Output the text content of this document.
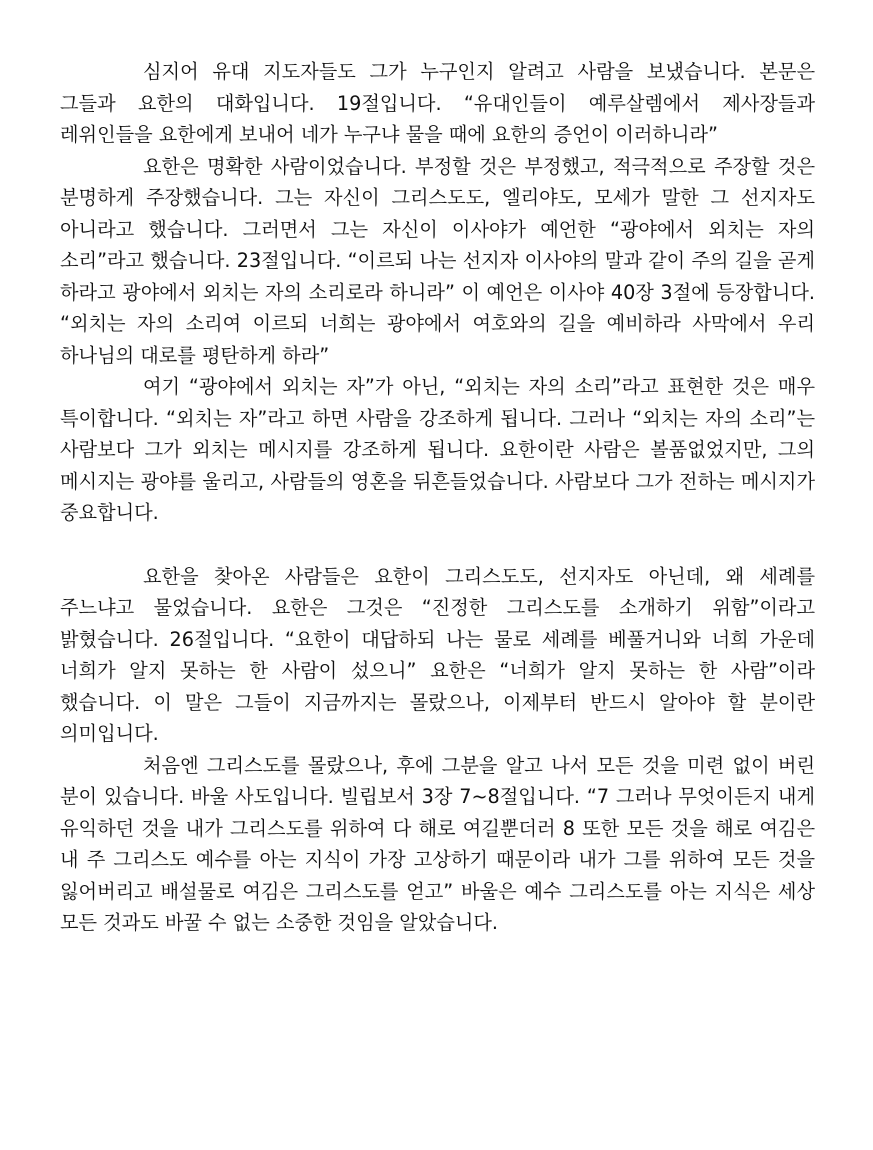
심지어 유대 지도자들도 그가 누구인지 알려고 사람을 보냈습니다. 본문은 그들과 요한의 대화입니다. 19절입니다. “유대인들이 예루살렘에서 제사장들과 레위인들을 요한에게 보내어 네가 누구냐 물을 때에 요한의 증언이 이러하니라”

요한은 명확한 사람이었습니다. 부정할 것은 부정했고, 적극적으로 주장할 것은 분명하게 주장했습니다. 그는 자신이 그리스도도, 엘리야도, 모세가 말한 그 선지자도 아니라고 했습니다. 그러면서 그는 자신이 이사야가 예언한 “광야에서 외치는 자의 소리”라고 했습니다. 23절입니다. “이르되 나는 선지자 이사야의 말과 같이 주의 길을 곧게 하라고 광야에서 외치는 자의 소리로라 하니라” 이 예언은 이사야 40장 3절에 등장합니다. “외치는 자의 소리여 이르되 너희는 광야에서 여호와의 길을 예비하라 사막에서 우리 하나님의 대로를 평탄하게 하라”

여기 “광야에서 외치는 자”가 아닌, “외치는 자의 소리”라고 표현한 것은 매우 특이합니다. “외치는 자”라고 하면 사람을 강조하게 됩니다. 그러나 “외치는 자의 소리”는 사람보다 그가 외치는 메시지를 강조하게 됩니다. 요한이란 사람은 볼품없었지만, 그의 메시지는 광야를 울리고, 사람들의 영혼을 뒤흔들었습니다. 사람보다 그가 전하는 메시지가 중요합니다.

요한을 찾아온 사람들은 요한이 그리스도도, 선지자도 아닌데, 왜 세례를 주느냐고 물었습니다. 요한은 그것은 “진정한 그리스도를 소개하기 위함”이라고 밝혔습니다. 26절입니다. “요한이 대답하되 나는 물로 세례를 베풀거니와 너희 가운데 너희가 알지 못하는 한 사람이 섰으니” 요한은 “너희가 알지 못하는 한 사람”이라 했습니다. 이 말은 그들이 지금까지는 몰랐으나, 이제부터 반드시 알아야 할 분이란 의미입니다.

처음엔 그리스도를 몰랐으나, 후에 그분을 알고 나서 모든 것을 미련 없이 버린 분이 있습니다. 바울 사도입니다. 빌립보서 3장 7~8절입니다. “7 그러나 무엇이든지 내게 유익하던 것을 내가 그리스도를 위하여 다 해로 여길뿐더러 8 또한 모든 것을 해로 여김은 내 주 그리스도 예수를 아는 지식이 가장 고상하기 때문이라 내가 그를 위하여 모든 것을 잃어버리고 배설물로 여김은 그리스도를 얻고” 바울은 예수 그리스도를 아는 지식은 세상 모든 것과도 바꿀 수 없는 소중한 것임을 알았습니다.
